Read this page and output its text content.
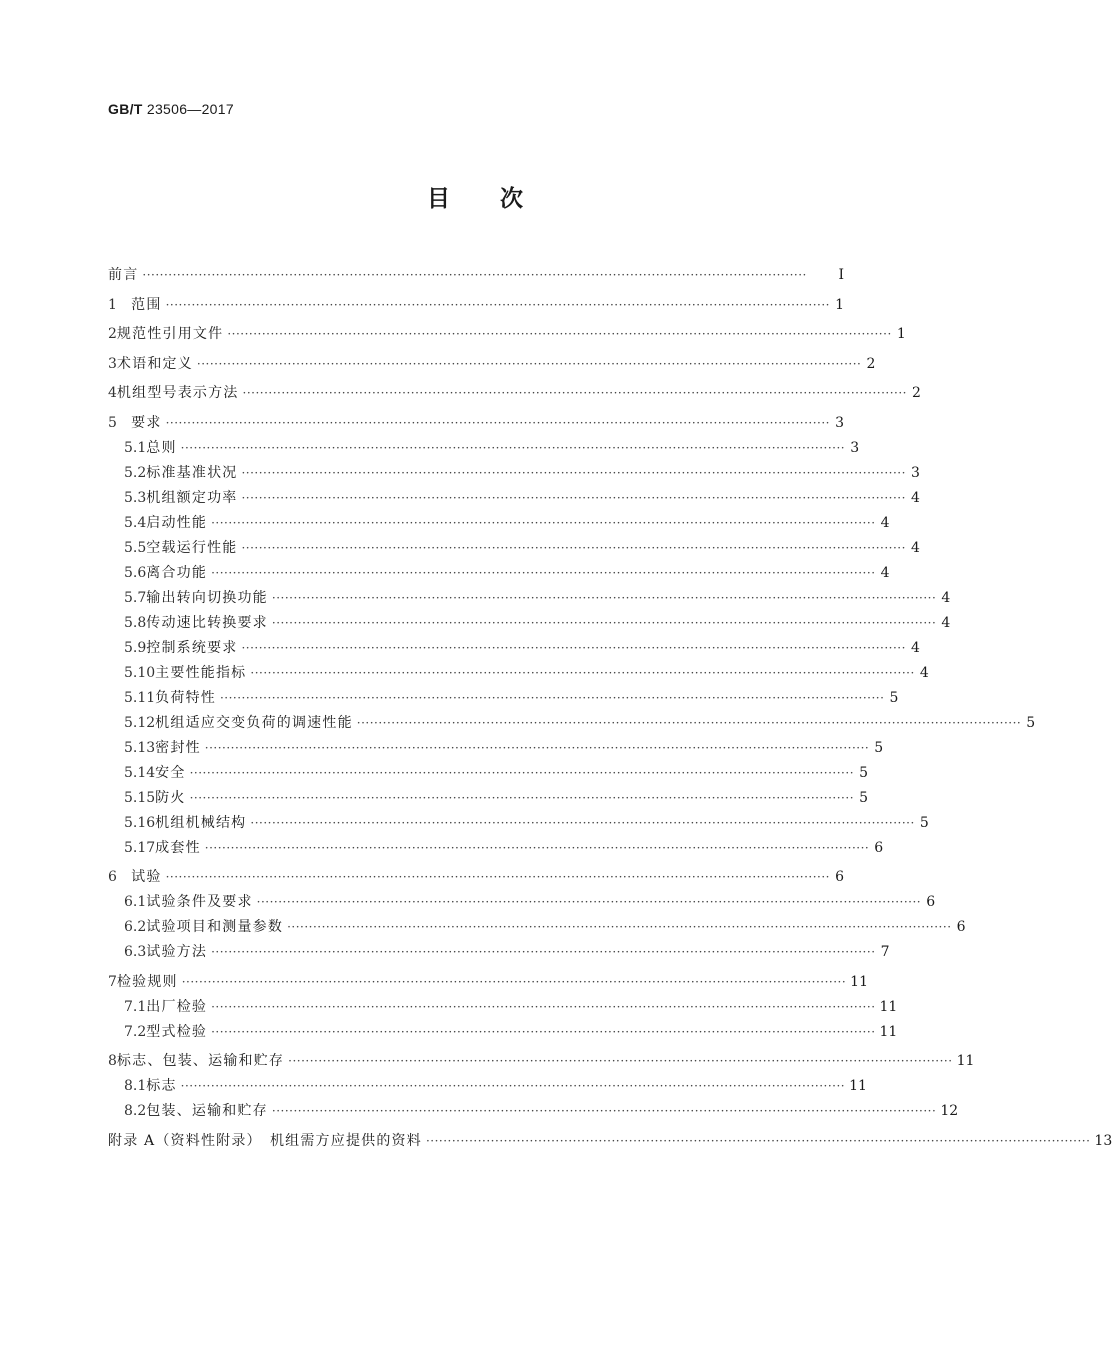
GB/T 23506—2017
目 次
前言 ··························································································································································	Ⅰ
1	范围 ·························································································································································· 1
2 规范性引用文件 ·························································································································································· 1
3 术语和定义 ·························································································································································· 2
4 机组型号表示方法 ·························································································································································· 2
5	要求 ·························································································································································· 3
5.1 总则 ·························································································································································· 3
5.2 标准基准状况 ·························································································································································· 3
5.3 机组额定功率 ·························································································································································· 4
5.4 启动性能 ·························································································································································· 4
5.5 空载运行性能 ·························································································································································· 4
5.6 离合功能 ·························································································································································· 4
5.7 输出转向切换功能 ·························································································································································· 4
5.8 传动速比转换要求 ·························································································································································· 4
5.9 控制系统要求 ·························································································································································· 4
5.10 主要性能指标 ·························································································································································· 4
5.11 负荷特性 ·························································································································································· 5
5.12 机组适应交变负荷的调速性能 ·························································································································································· 5
5.13 密封性 ·························································································································································· 5
5.14 安全 ·························································································································································· 5
5.15 防火 ·························································································································································· 5
5.16 机组机械结构 ·························································································································································· 5
5.17 成套性 ·························································································································································· 6
6	试验 ·························································································································································· 6
6.1 试验条件及要求 ·························································································································································· 6
6.2 试验项目和测量参数 ·························································································································································· 6
6.3 试验方法 ·························································································································································· 7
7 检验规则 ·························································································································································· 11
7.1 出厂检验 ·························································································································································· 11
7.2 型式检验 ·························································································································································· 11
8 标志、包装、运输和贮存 ·························································································································································· 11
8.1 标志 ·························································································································································· 11
8.2 包装、运输和贮存 ·························································································································································· 12
附录 A（资料性附录）　机组需方应提供的资料 ·························································································································································· 13
